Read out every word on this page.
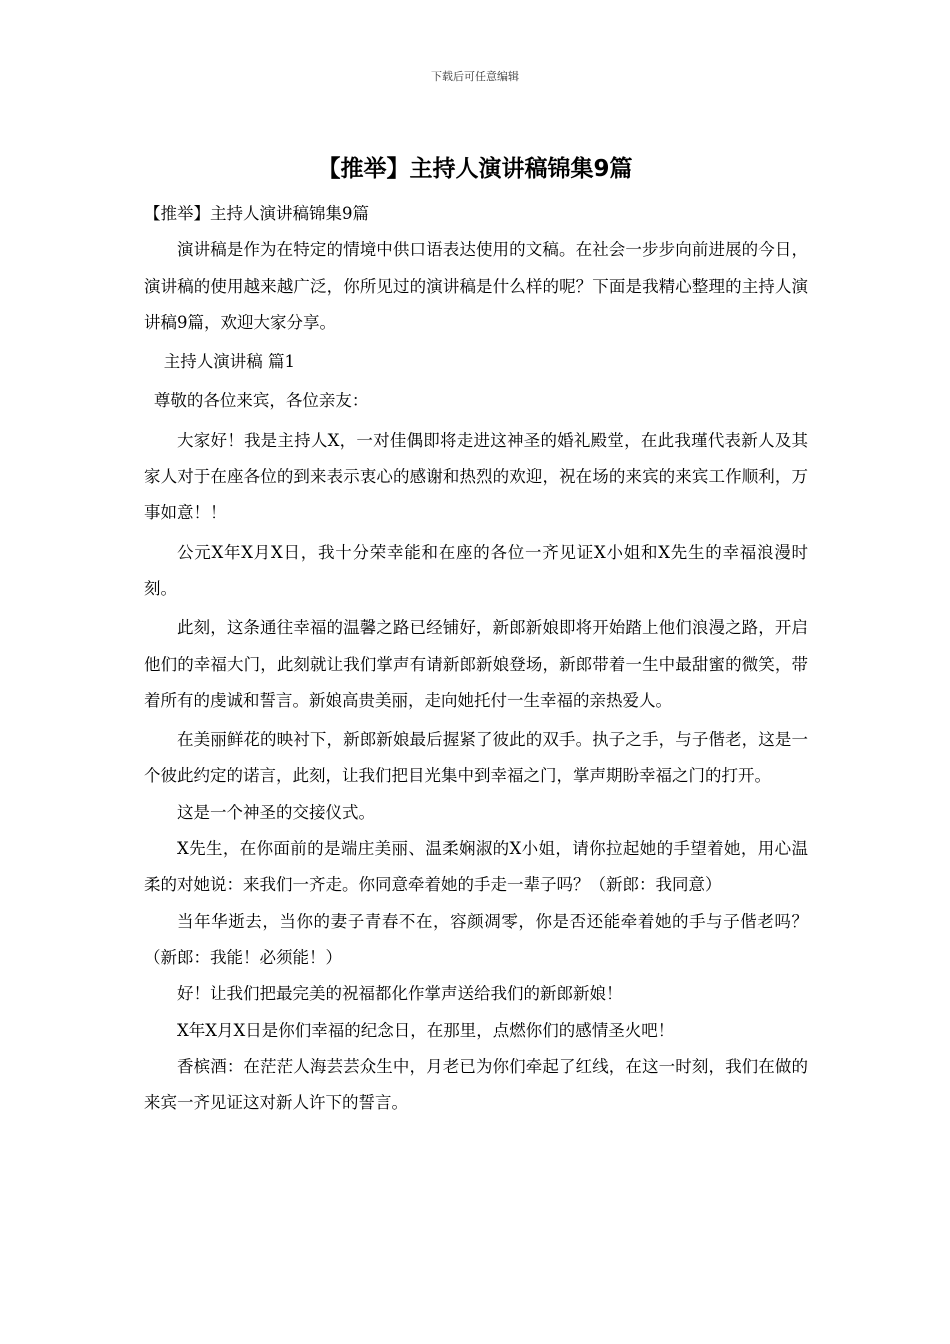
下载后可任意编辑
【推举】主持人演讲稿锦集9篇

【推举】主持人演讲稿锦集9篇

演讲稿是作为在特定的情境中供口语表达使用的文稿。在社会一步步向前进展的今日，演讲稿的使用越来越广泛，你所见过的演讲稿是什么样的呢？下面是我精心整理的主持人演讲稿9篇，欢迎大家分享。

主持人演讲稿 篇1

尊敬的各位来宾，各位亲友：

大家好！我是主持人X，一对佳偶即将走进这神圣的婚礼殿堂，在此我瑾代表新人及其家人对于在座各位的到来表示衷心的感谢和热烈的欢迎，祝在场的来宾的来宾工作顺利，万事如意！！

公元X年X月X日，我十分荣幸能和在座的各位一齐见证X小姐和X先生的幸福浪漫时刻。

此刻，这条通往幸福的温馨之路已经铺好，新郎新娘即将开始踏上他们浪漫之路，开启他们的幸福大门，此刻就让我们掌声有请新郎新娘登场，新郎带着一生中最甜蜜的微笑，带着所有的虔诚和誓言。新娘高贵美丽，走向她托付一生幸福的亲热爱人。

在美丽鲜花的映衬下，新郎新娘最后握紧了彼此的双手。执子之手，与子偕老，这是一个彼此约定的诺言，此刻，让我们把目光集中到幸福之门，掌声期盼幸福之门的打开。

这是一个神圣的交接仪式。

X先生，在你面前的是端庄美丽、温柔娴淑的X小姐，请你拉起她的手望着她，用心温柔的对她说：来我们一齐走。你同意牵着她的手走一辈子吗？（新郎：我同意）

当年华逝去，当你的妻子青春不在，容颜凋零，你是否还能牵着她的手与子偕老吗？（新郎：我能！必须能！）

好！让我们把最完美的祝福都化作掌声送给我们的新郎新娘！

X年X月X日是你们幸福的纪念日，在那里，点燃你们的感情圣火吧！

香槟酒：在茫茫人海芸芸众生中，月老已为你们牵起了红线，在这一时刻，我们在做的来宾一齐见证这对新人许下的誓言。
